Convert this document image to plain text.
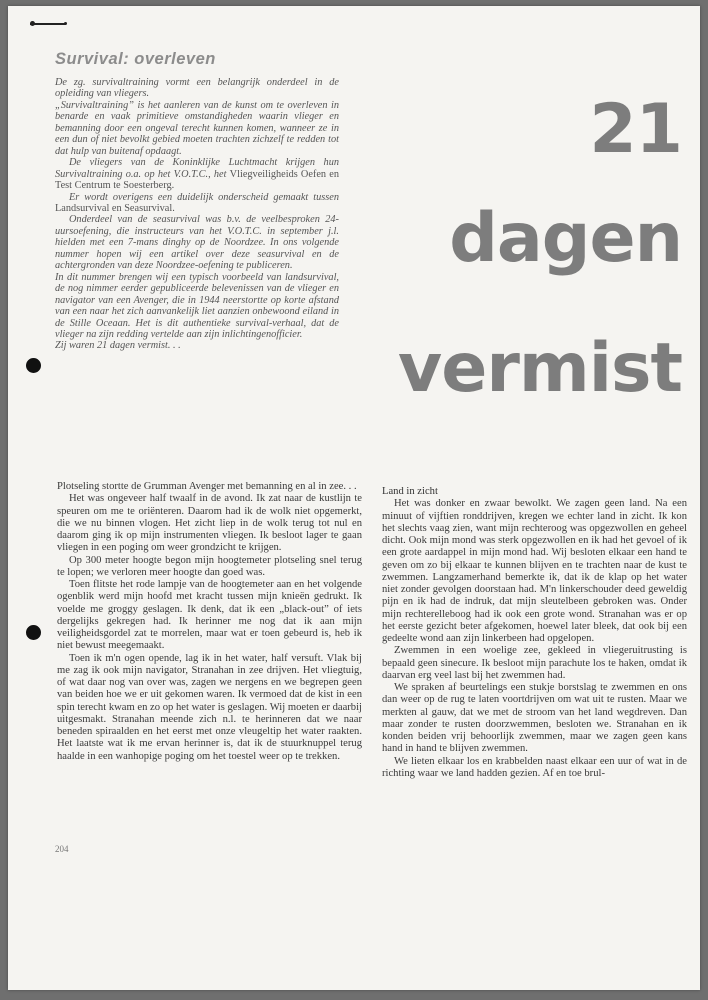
Survival: overleven

De zg. survivaltraining vormt een belangrijk onderdeel in de opleiding van vliegers.

„Survivaltraining” is het aanleren van de kunst om te overleven in benarde en vaak primitieve omstandigheden waarin vlieger en bemanning door een ongeval terecht kunnen komen, wanneer ze in een dun of niet bevolkt gebied moeten trachten zichzelf te redden tot dat hulp van buitenaf opdaagt.

De vliegers van de Koninklijke Luchtmacht krijgen hun Survivaltraining o.a. op het V.O.T.C., het Vliegveiligheids Oefen en Test Centrum te Soesterberg.

Er wordt overigens een duidelijk onderscheid gemaakt tussen Landsurvival en Seasurvival.

Onderdeel van de seasurvival was b.v. de veelbesproken 24-uursoefening, die instructeurs van het V.O.T.C. in september j.l. hielden met een 7-mans dinghy op de Noordzee. In ons volgende nummer hopen wij een artikel over deze seasurvival en de achtergronden van deze Noordzee-oefening te publiceren.

In dit nummer brengen wij een typisch voorbeeld van landsurvival, de nog nimmer eerder gepubliceerde belevenissen van de vlieger en navigator van een Avenger, die in 1944 neerstortte op korte afstand van een naar het zich aanvankelijk liet aanzien onbewoond eiland in de Stille Oceaan. Het is dit authentieke survival-verhaal, dat de vlieger na zijn redding vertelde aan zijn inlichtingenofficier.

Zij waren 21 dagen vermist. . .

21
dagen
vermist

Plotseling stortte de Grumman Avenger met bemanning en al in zee. . .

Het was ongeveer half twaalf in de avond. Ik zat naar de kustlijn te speuren om me te oriënteren. Daarom had ik de wolk niet opgemerkt, die we nu binnen vlogen. Het zicht liep in de wolk terug tot nul en daarom ging ik op mijn instrumenten vliegen. Ik besloot lager te gaan vliegen in een poging om weer grondzicht te krijgen.

Op 300 meter hoogte begon mijn hoogtemeter plotseling snel terug te lopen; we verloren meer hoogte dan goed was.

Toen flitste het rode lampje van de hoogtemeter aan en het volgende ogenblik werd mijn hoofd met kracht tussen mijn knieën gedrukt. Ik voelde me groggy geslagen. Ik denk, dat ik een „black-out” of iets dergelijks gekregen had. Ik herinner me nog dat ik aan mijn veiligheidsgordel zat te morrelen, maar wat er toen gebeurd is, heb ik niet bewust meegemaakt.

Toen ik m'n ogen opende, lag ik in het water, half versuft. Vlak bij me zag ik ook mijn navigator, Stranahan in zee drijven. Het vliegtuig, of wat daar nog van over was, zagen we nergens en we begrepen geen van beiden hoe we er uit gekomen waren. Ik vermoed dat de kist in een spin terecht kwam en zo op het water is geslagen. Wij moeten er daarbij uitgesmakt. Stranahan meende zich n.l. te herinneren dat we naar beneden spiraalden en het eerst met onze vleugeltip het water raakten. Het laatste wat ik me ervan herinner is, dat ik de stuurknuppel terug haalde in een wanhopige poging om het toestel weer op te trekken.

Land in zicht

Het was donker en zwaar bewolkt. We zagen geen land. Na een minuut of vijftien ronddrijven, kregen we echter land in zicht. Ik kon het slechts vaag zien, want mijn rechteroog was opgezwollen en geheel dicht. Ook mijn mond was sterk opgezwollen en ik had het gevoel of ik een grote aardappel in mijn mond had. Wij besloten elkaar een hand te geven om zo bij elkaar te kunnen blijven en te trachten naar de kust te zwemmen. Langzamerhand bemerkte ik, dat ik de klap op het water niet zonder gevolgen doorstaan had. M'n linkerschouder deed geweldig pijn en ik had de indruk, dat mijn sleutelbeen gebroken was. Onder mijn rechterelleboog had ik ook een grote wond. Stranahan was er op het eerste gezicht beter afgekomen, hoewel later bleek, dat ook bij een gedeelte wond aan zijn linkerbeen had opgelopen.

Zwemmen in een woelige zee, gekleed in vliegeruitrusting is bepaald geen sinecure. Ik besloot mijn parachute los te haken, omdat ik daarvan erg veel last bij het zwemmen had.

We spraken af beurtelings een stukje borstslag te zwemmen en ons dan weer op de rug te laten voortdrijven om wat uit te rusten. Maar we merkten al gauw, dat we met de stroom van het land wegdreven. Dan maar zonder te rusten doorzwemmen, besloten we. Stranahan en ik konden beiden vrij behoorlijk zwemmen, maar we zagen geen kans hand in hand te blijven zwemmen.

We lieten elkaar los en krabbelden naast elkaar een uur of wat in de richting waar we land hadden gezien. Af en toe brul-

204
